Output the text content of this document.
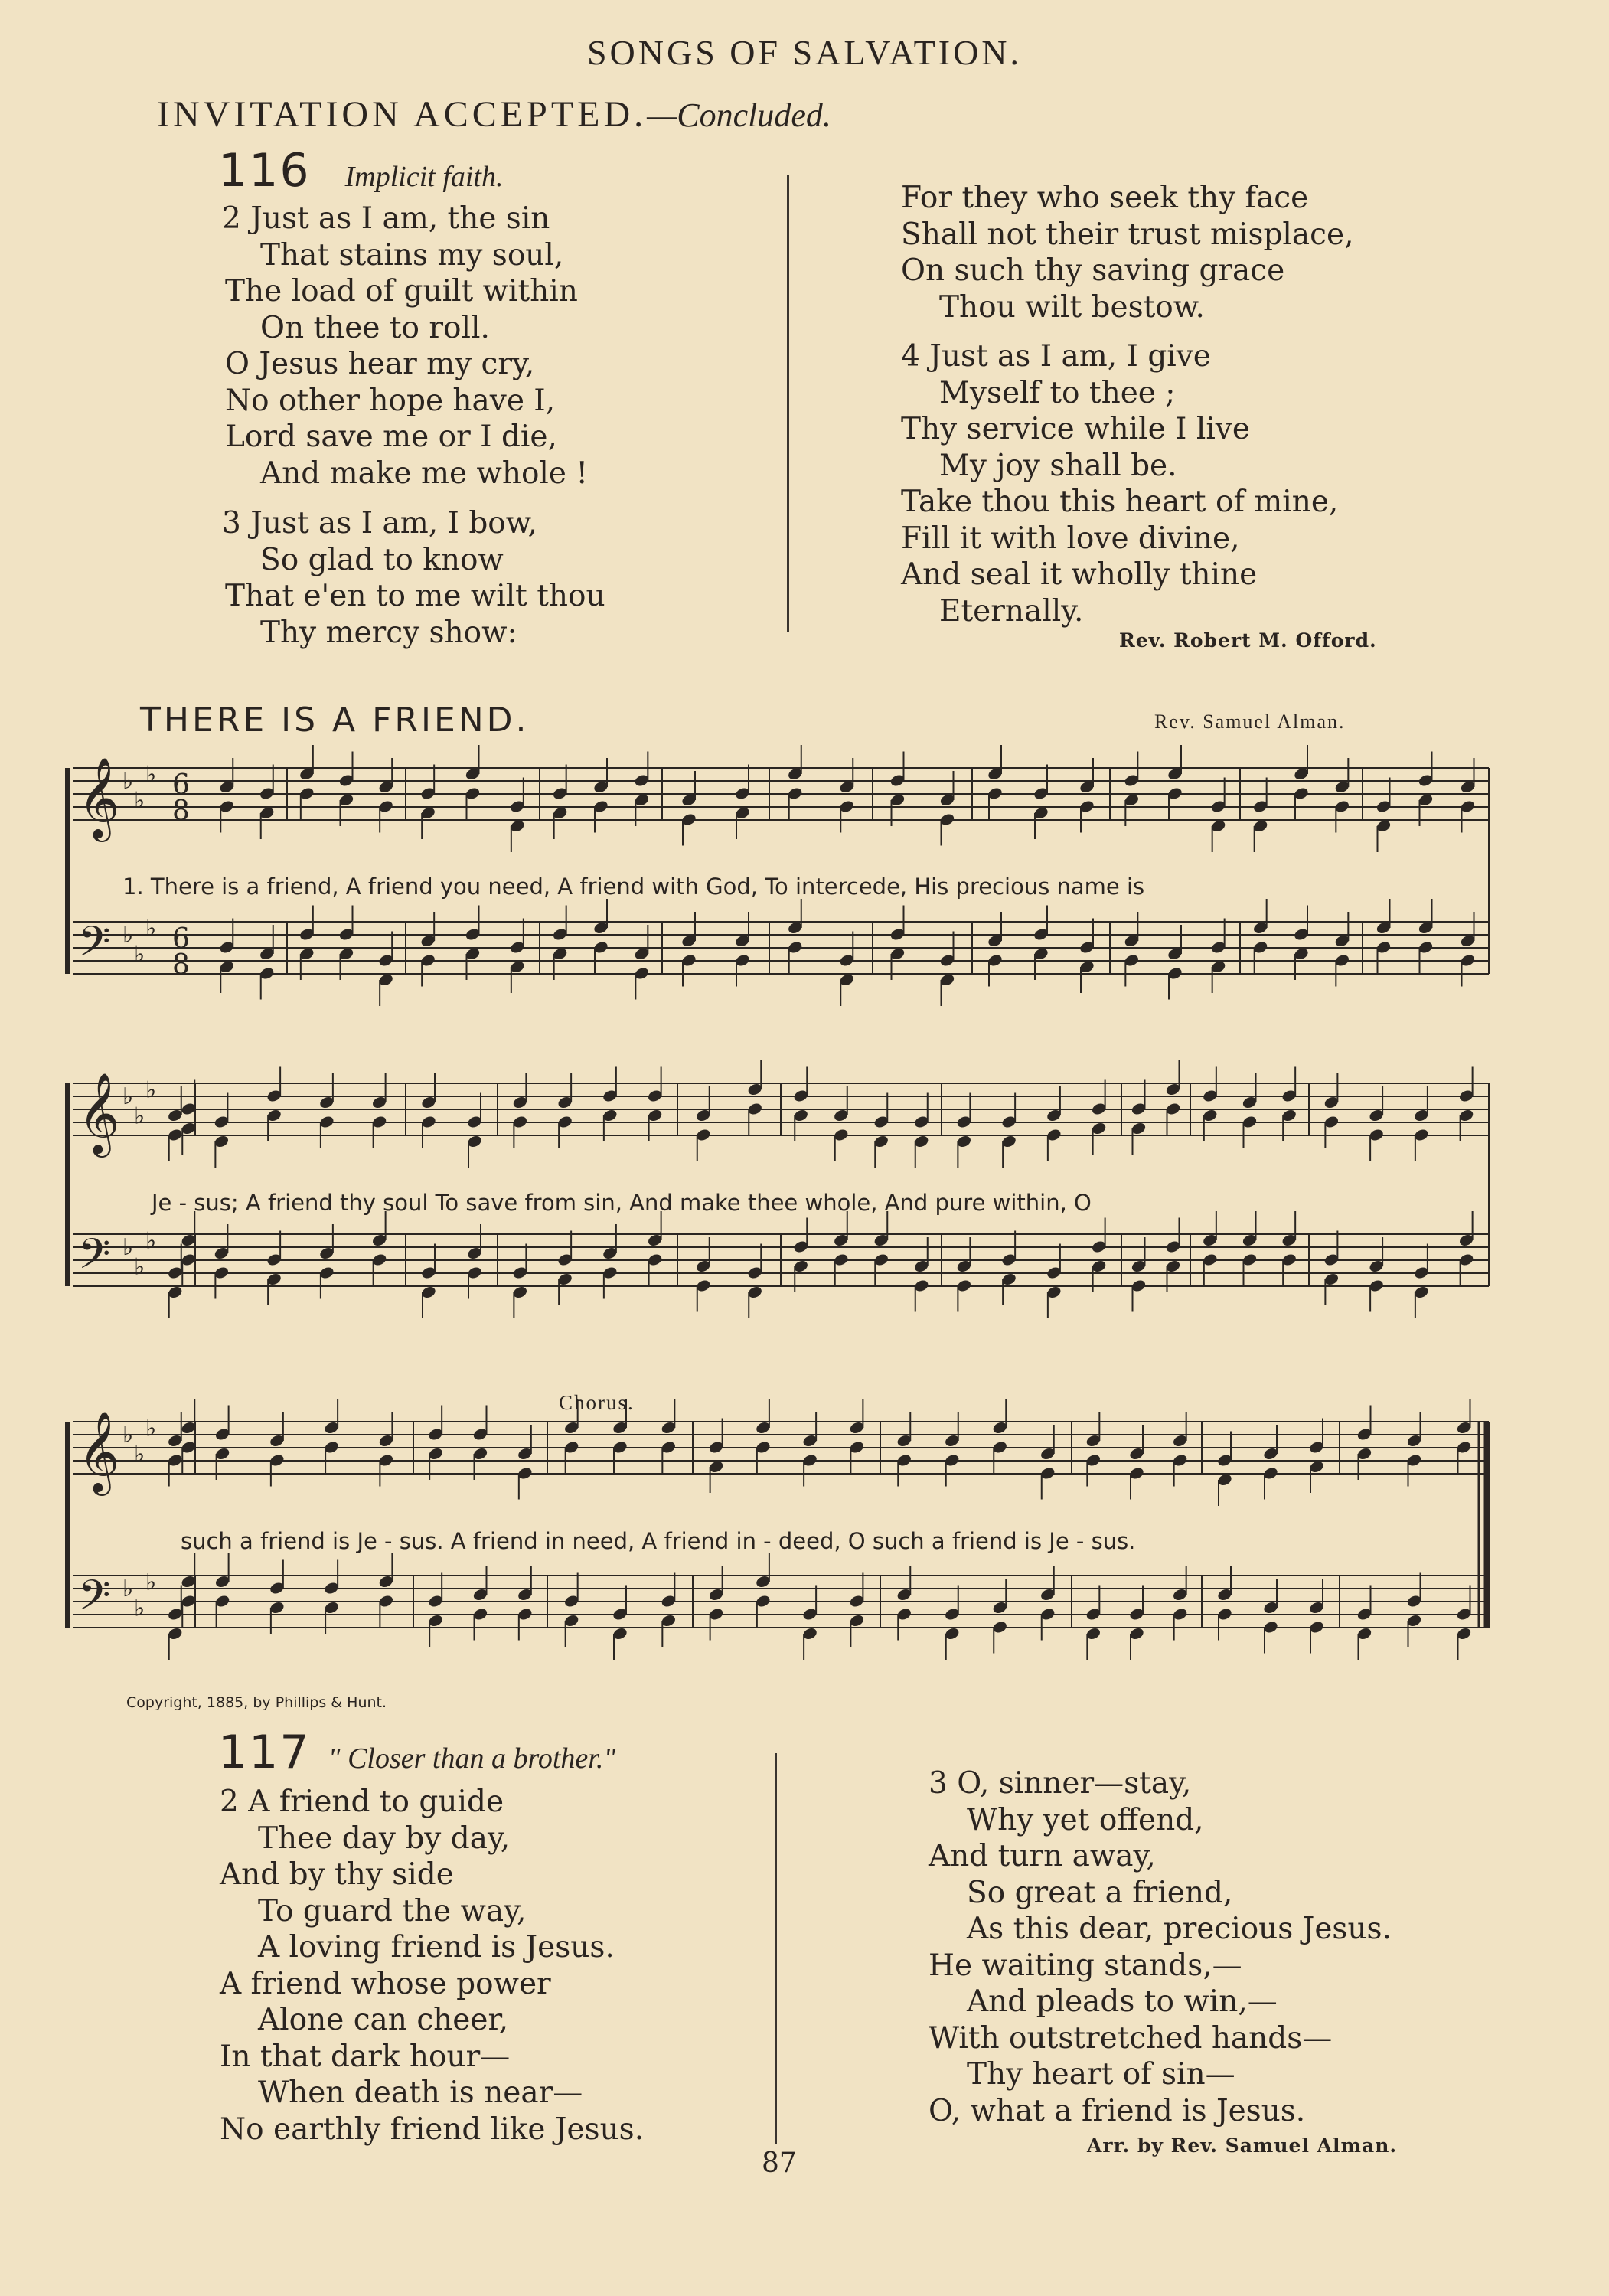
SONGS OF SALVATION.
INVITATION ACCEPTED.—Concluded.
116 Implicit faith.
2 Just as I am, the sin
That stains my soul,
The load of guilt within
On thee to roll.
O Jesus hear my cry,
No other hope have I,
Lord save me or I die,
And make me whole !
3 Just as I am, I bow,
So glad to know
That e'en to me wilt thou
Thy mercy show:
For they who seek thy face
Shall not their trust misplace,
On such thy saving grace
Thou wilt bestow.
4 Just as I am, I give
Myself to thee ;
Thy service while I live
My joy shall be.
Take thou this heart of mine,
Fill it with love divine,
And seal it wholly thine
Eternally.
Rev. Robert M. Offord.
THERE IS A FRIEND.	Rev. Samuel Alman.
𝄞 ♭
♭
♭ 6
8
𝄢 ♭
♭
♭ 6
8
𝄞 ♭
♭
♭
𝄢 ♭
♭
♭
𝄞 ♭
♭
♭
𝄢 ♭
♭
♭
1. There is a friend, A friend you need, A friend with God, To intercede, His precious name is
Je - sus; A friend thy soul To save from sin, And make thee whole, And pure within, O
such a friend is Je - sus. A friend in need, A friend in - deed, O such a friend is Je - sus.
Chorus.
Copyright, 1885, by Phillips & Hunt.
117 " Closer than a brother."
2 A friend to guide
Thee day by day,
And by thy side
To guard the way,
A loving friend is Jesus.
A friend whose power
Alone can cheer,
In that dark hour—
When death is near—
No earthly friend like Jesus.
3 O, sinner—stay,
Why yet offend,
And turn away,
So great a friend,
As this dear, precious Jesus.
He waiting stands,—
And pleads to win,—
With outstretched hands—
Thy heart of sin—
O, what a friend is Jesus.
Arr. by Rev. Samuel Alman.
87
